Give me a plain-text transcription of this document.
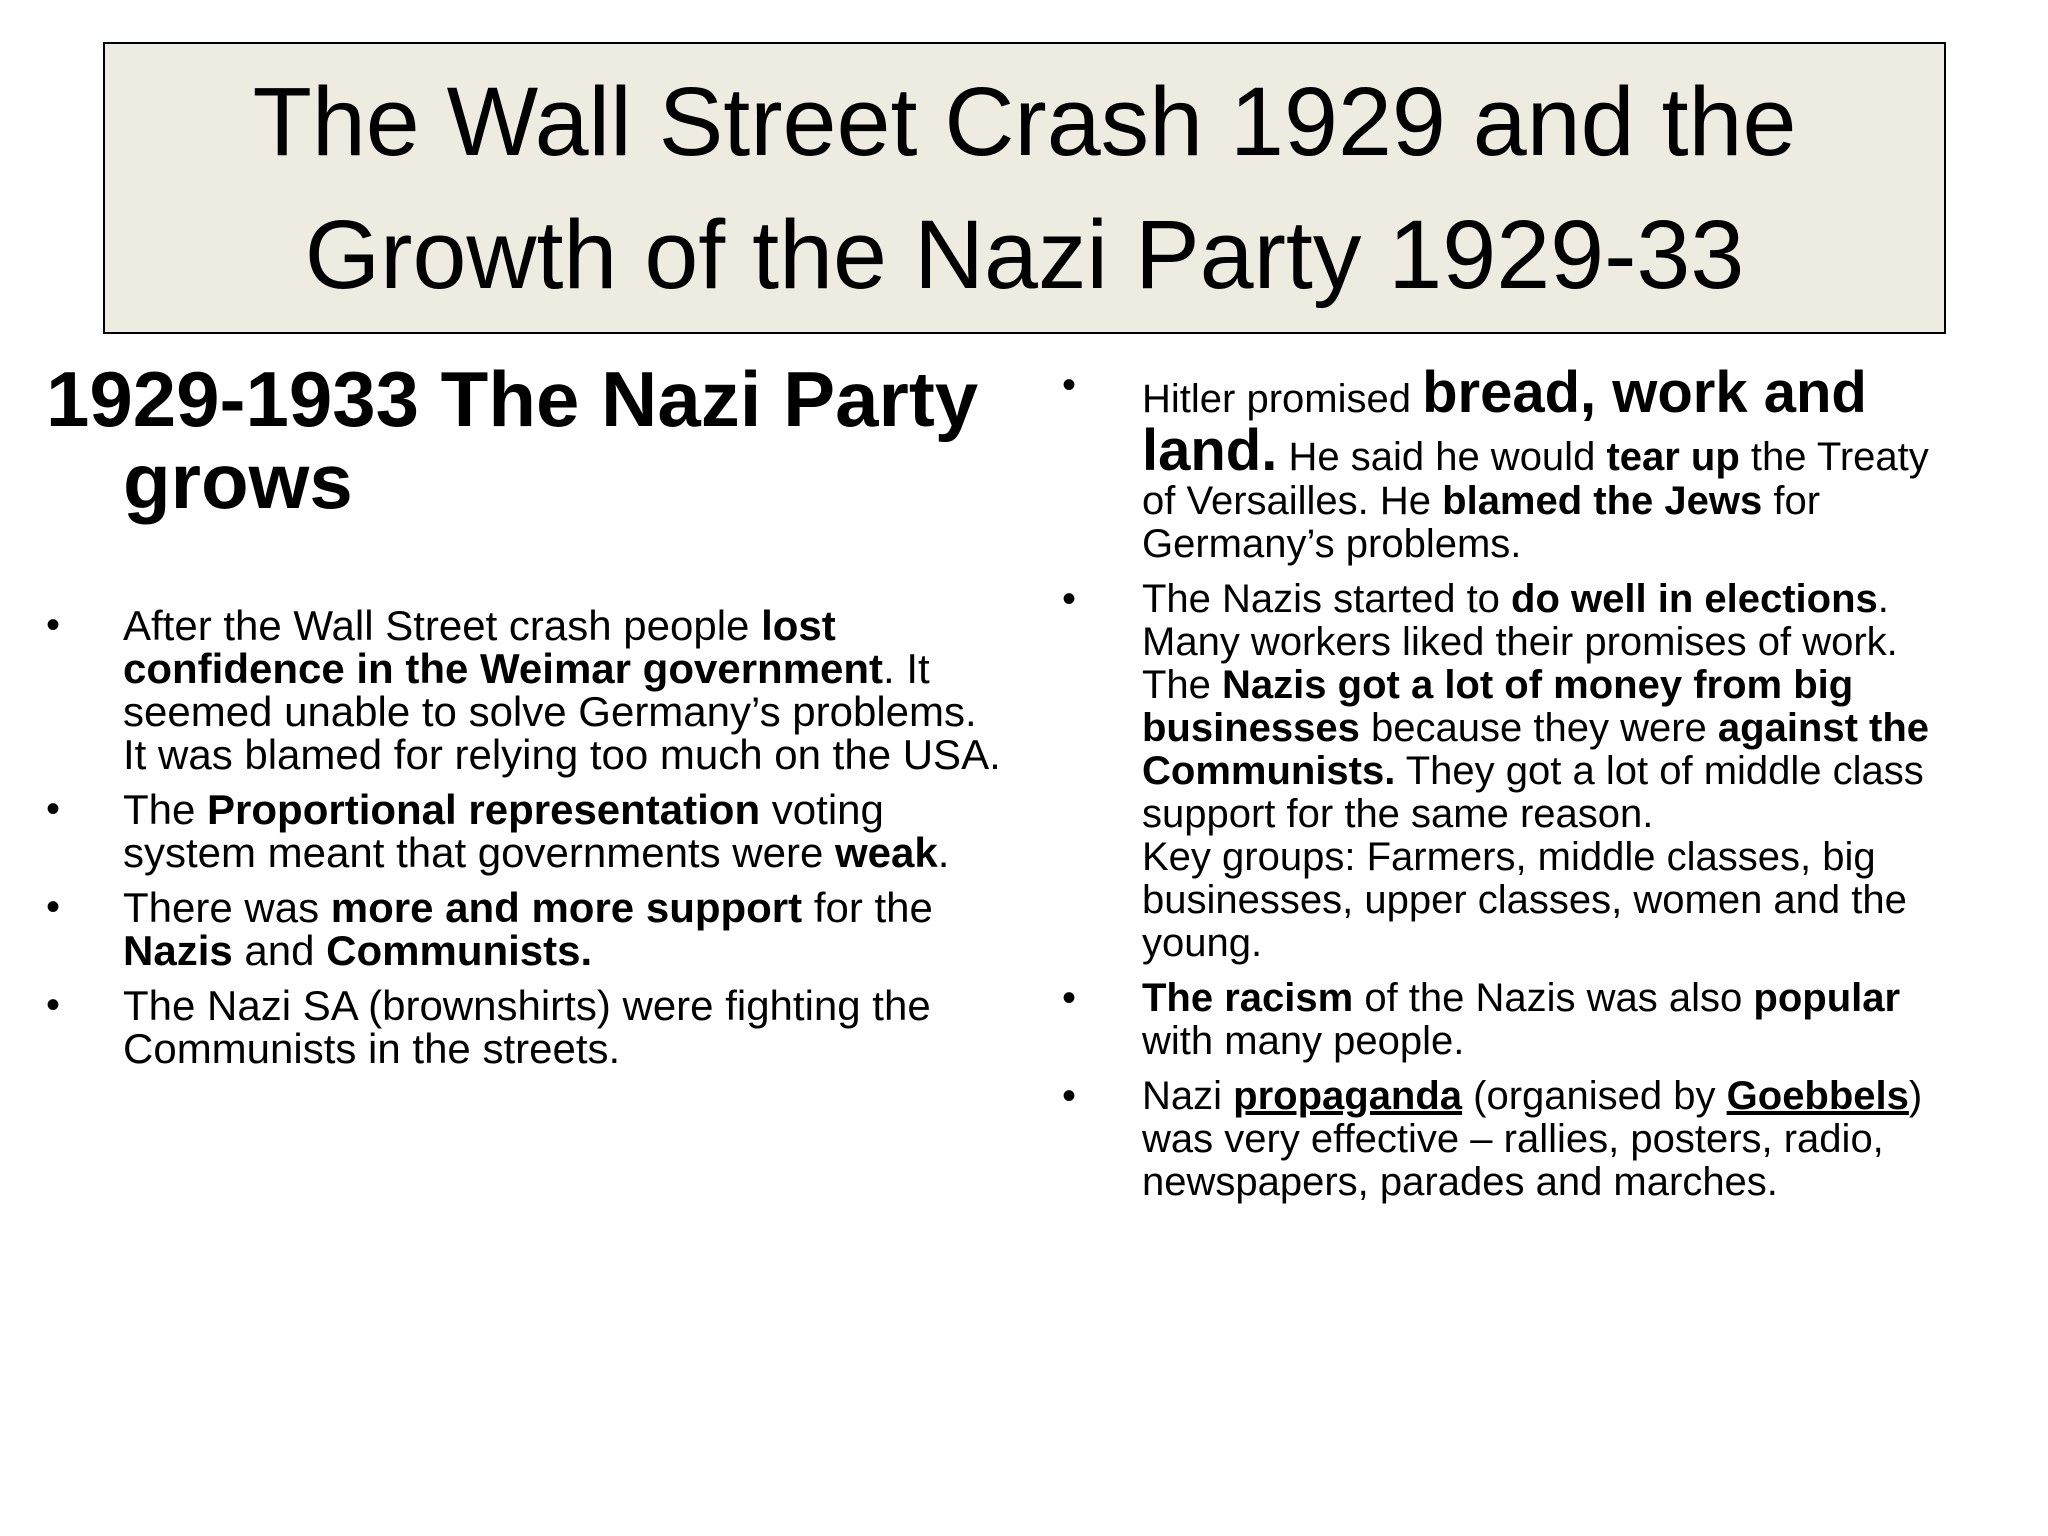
The Wall Street Crash 1929 and the
Growth of the Nazi Party 1929-33
1929-1933 The Nazi Party grows
• After the Wall Street crash people lost confidence in the Weimar government. It seemed unable to solve Germany’s problems. It was blamed for relying too much on the USA.
• The Proportional representation voting system meant that governments were weak.
• There was more and more support for the Nazis and Communists.
• The Nazi SA (brownshirts) were fighting the Communists in the streets.
• Hitler promised bread, work and land. He said he would tear up the Treaty of Versailles. He blamed the Jews for Germany’s problems.
• The Nazis started to do well in elections. Many workers liked their promises of work. The Nazis got a lot of money from big businesses because they were against the Communists. They got a lot of middle class support for the same reason.
Key groups: Farmers, middle classes, big businesses, upper classes, women and the young.
• The racism of the Nazis was also popular with many people.
• Nazi propaganda (organised by Goebbels) was very effective – rallies, posters, radio, newspapers, parades and marches.
